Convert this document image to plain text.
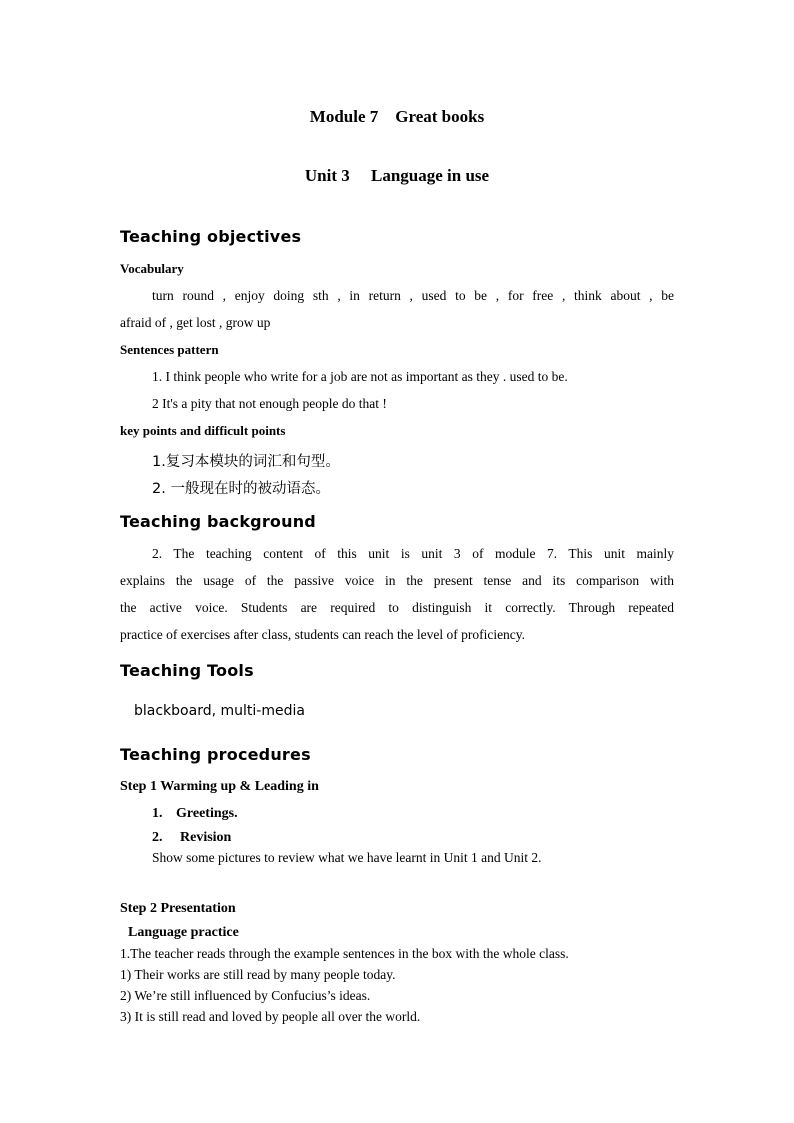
Module 7    Great books
Unit 3     Language in use
Teaching objectives
Vocabulary
turn round , enjoy doing sth , in return , used to be , for free , think about , be
afraid of , get lost , grow up
Sentences pattern
1. I think people who write for a job are not as important as they . used to be.
2 It's a pity that not enough people do that !
key points and difficult points
1.复习本模块的词汇和句型。
2. 一般现在时的被动语态。
Teaching background
2. The teaching content of this unit is unit 3 of module 7. This unit mainly
explains the usage of the passive voice in the present tense and its comparison with
the active voice. Students are required to distinguish it correctly. Through repeated
practice of exercises after class, students can reach the level of proficiency.
Teaching Tools
blackboard, multi-media
Teaching procedures
Step 1 Warming up & Leading in
1. Greetings.
2. Revision
Show some pictures to review what we have learnt in Unit 1 and Unit 2.
Step 2 Presentation
Language practice
1.The teacher reads through the example sentences in the box with the whole class.
1) Their works are still read by many people today.
2) We’re still influenced by Confucius’s ideas.
3) It is still read and loved by people all over the world.
